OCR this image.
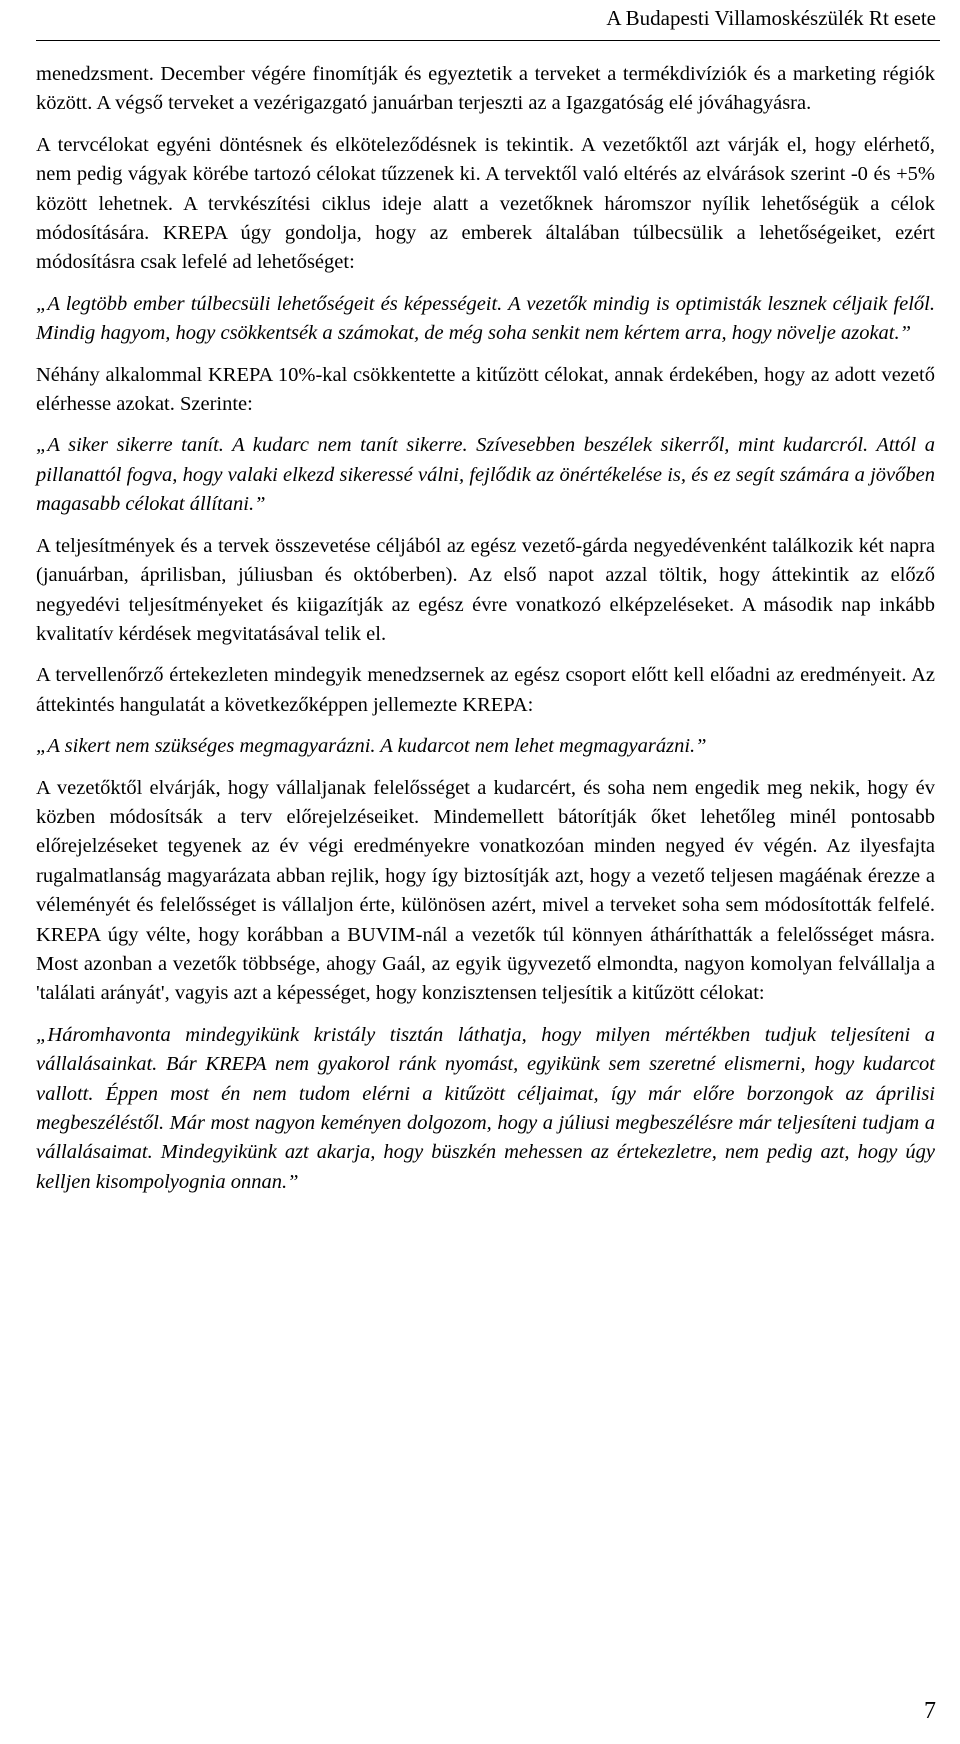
A Budapesti Villamoskészülék Rt esete

menedzsment. December végére finomítják és egyeztetik a terveket a termékdivíziók és a marketing régiók között. A végső terveket a vezérigazgató januárban terjeszti az a Igazgatóság elé jóváhagyásra.

A tervcélokat egyéni döntésnek és elköteleződésnek is tekintik. A vezetőktől azt várják el, hogy elérhető, nem pedig vágyak körébe tartozó célokat tűzzenek ki. A tervektől való eltérés az elvárások szerint -0 és +5% között lehetnek. A tervkészítési ciklus ideje alatt a vezetőknek háromszor nyílik lehetőségük a célok módosítására. KREPA úgy gondolja, hogy az emberek általában túlbecsülik a lehetőségeiket, ezért módosításra csak lefelé ad lehetőséget:

„A legtöbb ember túlbecsüli lehetőségeit és képességeit. A vezetők mindig is optimisták lesznek céljaik felől. Mindig hagyom, hogy csökkentsék a számokat, de még soha senkit nem kértem arra, hogy növelje azokat.”

Néhány alkalommal KREPA 10%-kal csökkentette a kitűzött célokat, annak érdekében, hogy az adott vezető elérhesse azokat. Szerinte:

„A siker sikerre tanít. A kudarc nem tanít sikerre. Szívesebben beszélek sikerről, mint kudarcról. Attól a pillanattól fogva, hogy valaki elkezd sikeressé válni, fejlődik az önértékelése is, és ez segít számára a jövőben magasabb célokat állítani.”

A teljesítmények és a tervek összevetése céljából az egész vezető-gárda negyedévenként találkozik két napra (januárban, áprilisban, júliusban és októberben). Az első napot azzal töltik, hogy áttekintik az előző negyedévi teljesítményeket és kiigazítják az egész évre vonatkozó elképzeléseket. A második nap inkább kvalitatív kérdések megvitatásával telik el.

A tervellenőrző értekezleten mindegyik menedzsernek az egész csoport előtt kell előadni az eredményeit. Az áttekintés hangulatát a következőképpen jellemezte KREPA:

„A sikert nem szükséges megmagyarázni. A kudarcot nem lehet megmagyarázni.”

A vezetőktől elvárják, hogy vállaljanak felelősséget a kudarcért, és soha nem engedik meg nekik, hogy év közben módosítsák a terv előrejelzéseiket. Mindemellett bátorítják őket lehetőleg minél pontosabb előrejelzéseket tegyenek az év végi eredményekre vonatkozóan minden negyed év végén. Az ilyesfajta rugalmatlanság magyarázata abban rejlik, hogy így biztosítják azt, hogy a vezető teljesen magáénak érezze a véleményét és felelősséget is vállaljon érte, különösen azért, mivel a terveket soha sem módosították felfelé. KREPA úgy vélte, hogy korábban a BUVIM-nál a vezetők túl könnyen átháríthatták a felelősséget másra. Most azonban a vezetők többsége, ahogy Gaál, az egyik ügyvezető elmondta, nagyon komolyan felvállalja a 'találati arányát', vagyis azt a képességet, hogy konzisztensen teljesítik a kitűzött célokat:

„Háromhavonta mindegyikünk kristály tisztán láthatja, hogy milyen mértékben tudjuk teljesíteni a vállalásainkat. Bár KREPA nem gyakorol ránk nyomást, egyikünk sem szeretné elismerni, hogy kudarcot vallott. Éppen most én nem tudom elérni a kitűzött céljaimat, így már előre borzongok az áprilisi megbeszéléstől. Már most nagyon keményen dolgozom, hogy a júliusi megbeszélésre már teljesíteni tudjam a vállalásaimat. Mindegyikünk azt akarja, hogy büszkén mehessen az értekezletre, nem pedig azt, hogy úgy kelljen kisompolyognia onnan.”

7
